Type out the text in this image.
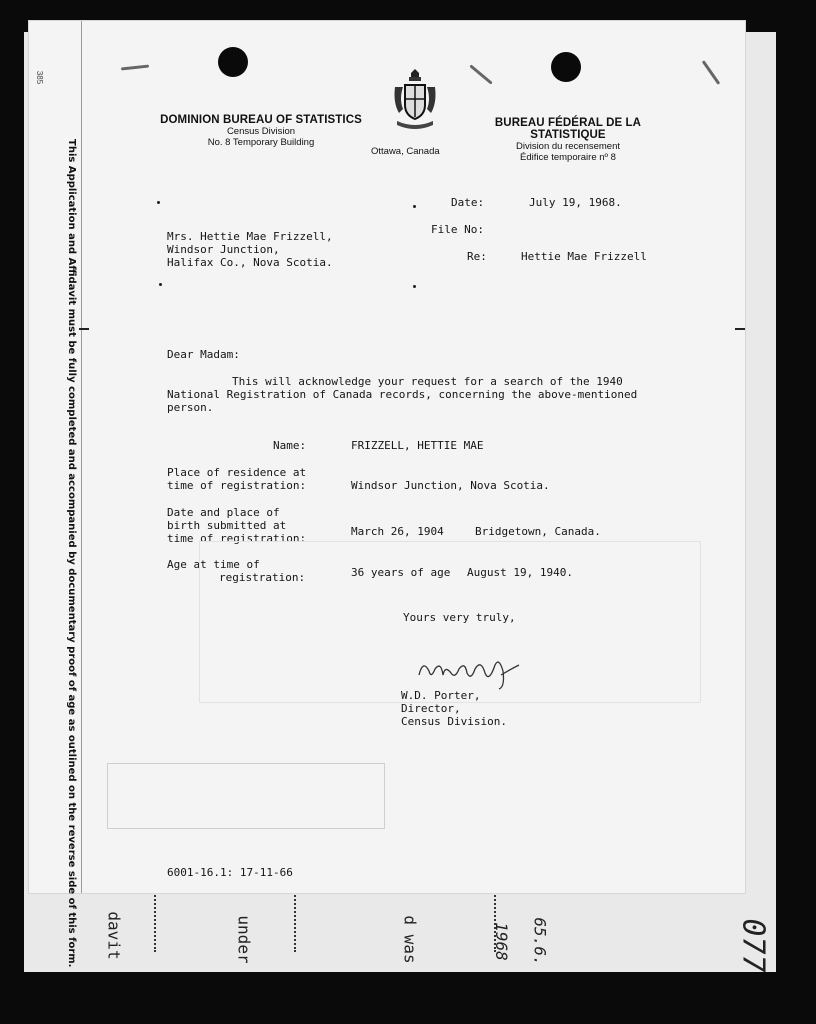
davit	under	d was	1968 65.6.	077
385
This Application and Affidavit must be fully completed and accompanied by documentary proof of age as outlined on the reverse side of this form.
DOMINION BUREAU OF STATISTICS
Census Division
No. 8 Temporary Building
Ottawa, Canada
BUREAU FÉDÉRAL DE LA STATISTIQUE
Division du recensement
Édifice temporaire nº 8
Date:	July 19, 1968.
File No:
Re:	Hettie Mae Frizzell
Mrs. Hettie Mae Frizzell,
Windsor Junction,
Halifax Co., Nova Scotia.
Dear Madam:
This will acknowledge your request for a search of the 1940
National Registration of Canada records, concerning the above-mentioned
person.
Name:	FRIZZELL, HETTIE MAE
Place of residence at
time of registration:	Windsor Junction, Nova Scotia.
Date and place of
birth submitted at
time of registration:
March 26, 1904	Bridgetown, Canada.
Age at time of
registration:	36 years of age August 19, 1940.
Yours very truly,
W.D. Porter,
Director,
Census Division.
6001-16.1: 17-11-66
